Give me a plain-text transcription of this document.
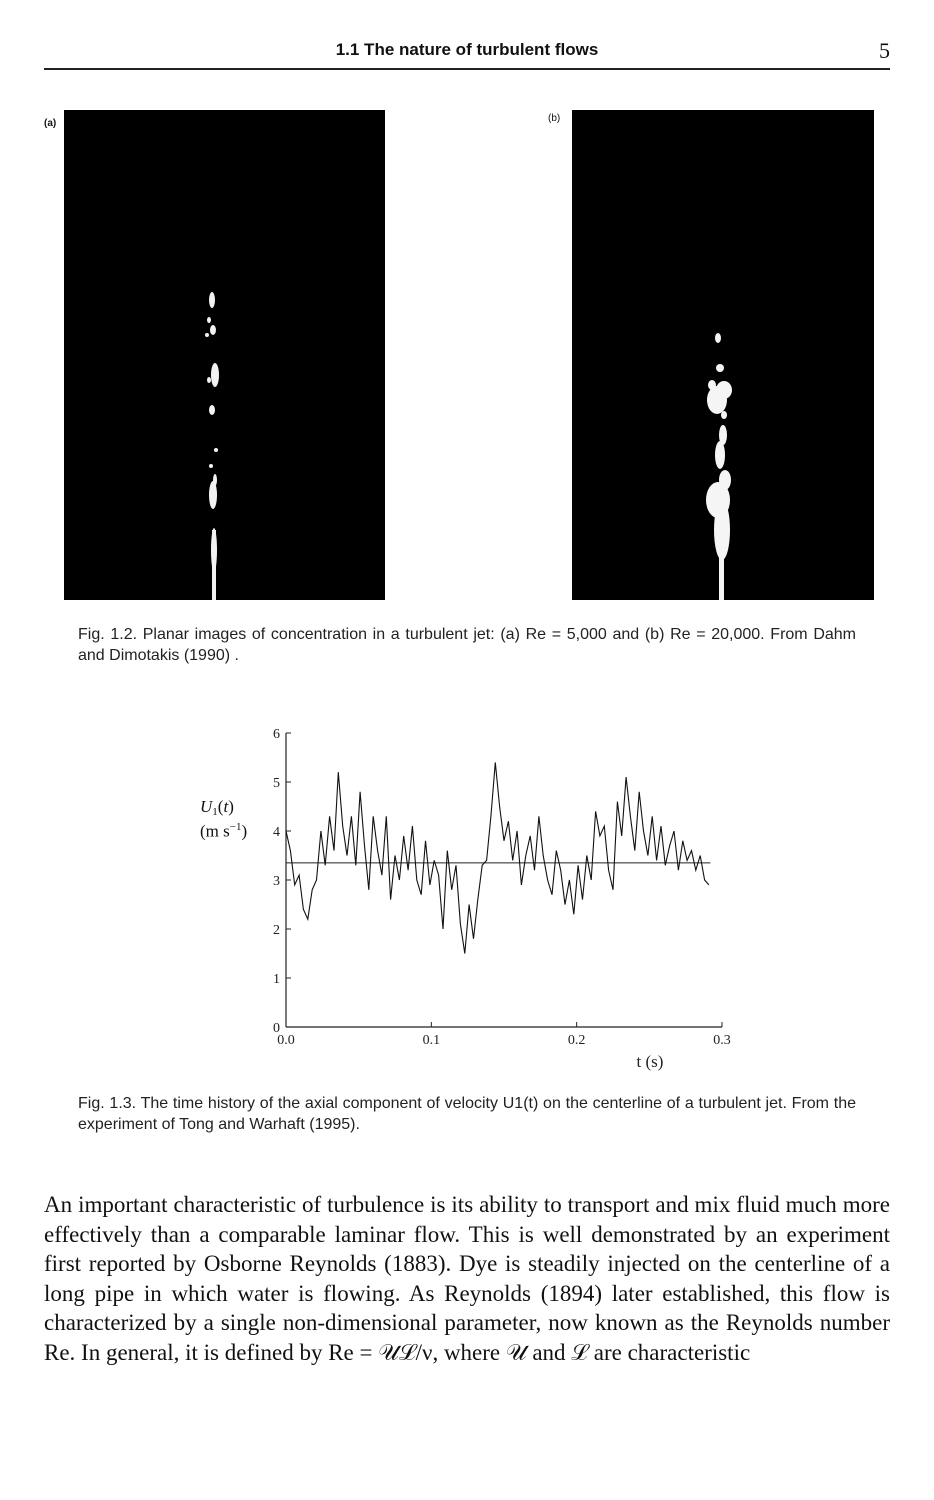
1.1 The nature of turbulent flows	5
(a)	(b)
Fig. 1.2. Planar images of concentration in a turbulent jet: (a) Re = 5,000 and (b) Re = 20,000. From Dahm and Dimotakis (1990) .
0
1
2
3
4
5
6
0.0	0.1	0.2	0.3
t (s)
U1(t)
(m $s^{-1}$)
Fig. 1.3. The time history of the axial component of velocity U1(t) on the centerline of a turbulent jet. From the experiment of Tong and Warhaft (1995).
An important characteristic of turbulence is its ability to transport and mix fluid much more effectively than a comparable laminar flow. This is well demonstrated by an experiment first reported by Osborne Reynolds (1883). Dye is steadily injected on the centerline of a long pipe in which water is flowing. As Reynolds (1894) later established, this flow is characterized by a single non-dimensional parameter, now known as the Reynolds number Re. In general, it is defined by Re = 𝒰ℒ/ν, where 𝒰 and ℒ are characteristic
